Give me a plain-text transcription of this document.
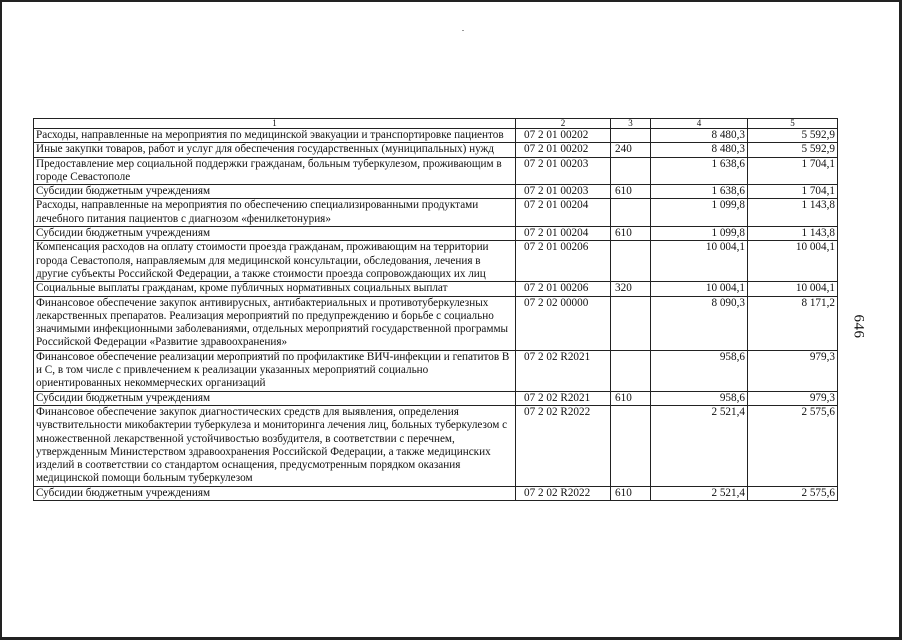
1	2	3	4	5
Расходы, направленные на мероприятия по медицинской эвакуации и транспортировке пациентов	07 2 01 00202		8 480,3	5 592,9
Иные закупки товаров, работ и услуг для обеспечения государственных (муниципальных) нужд	07 2 01 00202	240	8 480,3	5 592,9
Предоставление мер социальной поддержки гражданам, больным туберкулезом, проживающим в городе Севастополе	07 2 01 00203		1 638,6	1 704,1
Субсидии бюджетным учреждениям	07 2 01 00203	610	1 638,6	1 704,1
Расходы, направленные на мероприятия по обеспечению специализированными продуктами лечебного питания пациентов с диагнозом «фенилкетонурия»	07 2 01 00204		1 099,8	1 143,8
Субсидии бюджетным учреждениям	07 2 01 00204	610	1 099,8	1 143,8
Компенсация расходов на оплату стоимости проезда гражданам, проживающим на территории города Севастополя, направляемым для медицинской консультации, обследования, лечения в другие субъекты Российской Федерации, а также стоимости проезда сопровождающих их лиц	07 2 01 00206		10 004,1	10 004,1
Социальные выплаты гражданам, кроме публичных нормативных социальных выплат	07 2 01 00206	320	10 004,1	10 004,1
Финансовое обеспечение закупок антивирусных, антибактериальных и противотуберкулезных лекарственных препаратов. Реализация мероприятий по предупреждению и борьбе с социально значимыми инфекционными заболеваниями, отдельных мероприятий государственной программы Российской Федерации «Развитие здравоохранения»	07 2 02 00000		8 090,3	8 171,2
Финансовое обеспечение реализации мероприятий по профилактике ВИЧ-инфекции и гепатитов В и С, в том числе с привлечением к реализации указанных мероприятий социально ориентированных некоммерческих организаций	07 2 02 R2021		958,6	979,3
Субсидии бюджетным учреждениям	07 2 02 R2021	610	958,6	979,3
Финансовое обеспечение закупок диагностических средств для выявления, определения чувствительности микобактерии туберкулеза и мониторинга лечения лиц, больных туберкулезом с множественной лекарственной устойчивостью возбудителя, в соответствии с перечнем, утвержденным Министерством здравоохранения Российской Федерации, а также медицинских изделий в соответствии со стандартом оснащения, предусмотренным порядком оказания медицинской помощи больным туберкулезом	07 2 02 R2022		2 521,4	2 575,6
Субсидии бюджетным учреждениям	07 2 02 R2022	610	2 521,4	2 575,6
646
